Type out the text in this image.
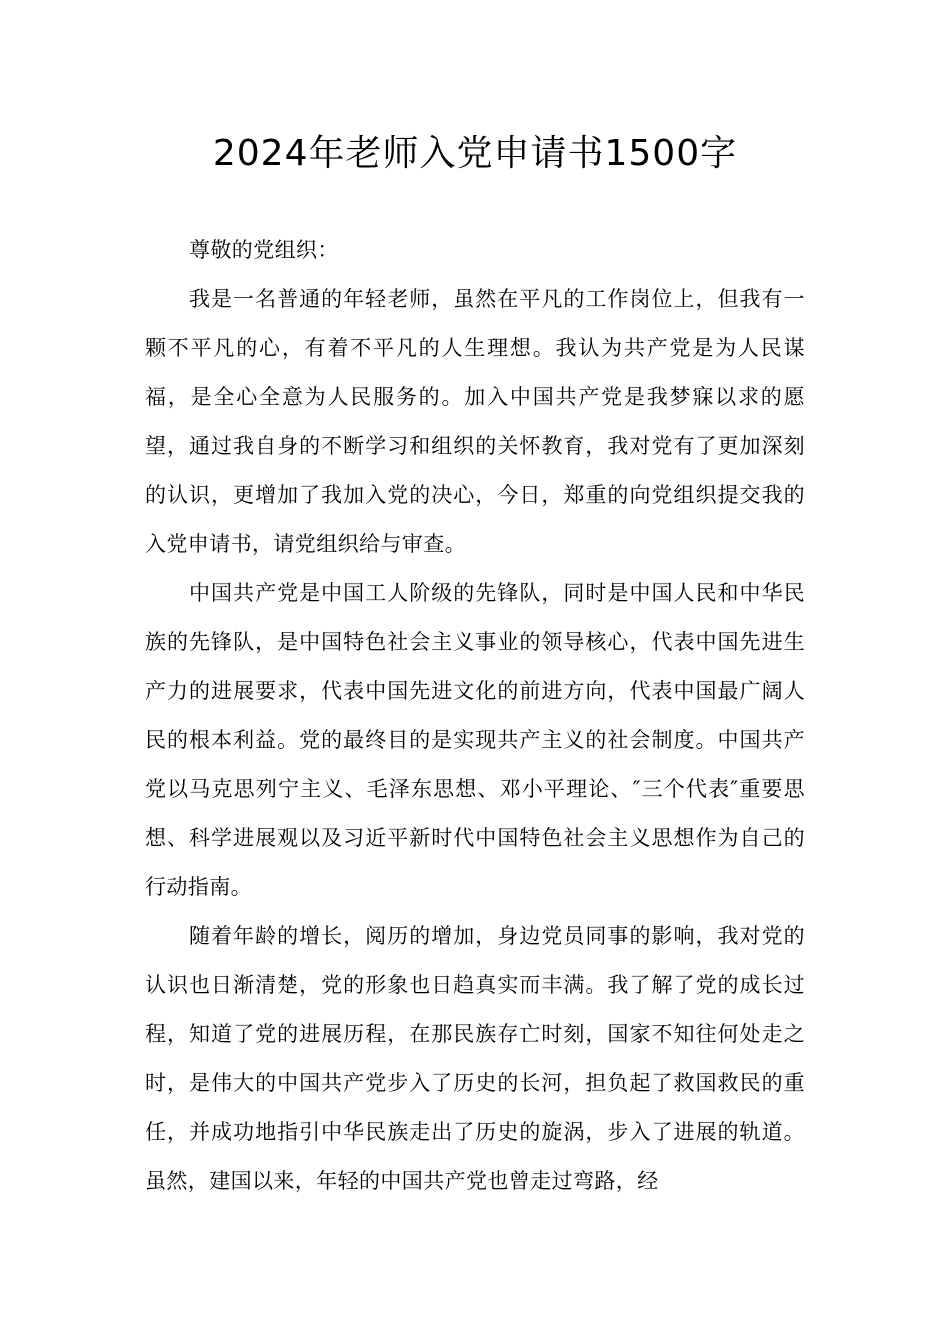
2024年老师入党申请书1500字

尊敬的党组织：

我是一名普通的年轻老师，虽然在平凡的工作岗位上，但我有一颗不平凡的心，有着不平凡的人生理想。我认为共产党是为人民谋福，是全心全意为人民服务的。加入中国共产党是我梦寐以求的愿望，通过我自身的不断学习和组织的关怀教育，我对党有了更加深刻的认识，更增加了我加入党的决心，今日，郑重的向党组织提交我的入党申请书，请党组织给与审查。

中国共产党是中国工人阶级的先锋队，同时是中国人民和中华民族的先锋队，是中国特色社会主义事业的领导核心，代表中国先进生产力的进展要求，代表中国先进文化的前进方向，代表中国最广阔人民的根本利益。党的最终目的是实现共产主义的社会制度。中国共产党以马克思列宁主义、毛泽东思想、邓小平理论、″三个代表″重要思想、科学进展观以及习近平新时代中国特色社会主义思想作为自己的行动指南。

随着年龄的增长，阅历的增加，身边党员同事的影响，我对党的认识也日渐清楚，党的形象也日趋真实而丰满。我了解了党的成长过程，知道了党的进展历程，在那民族存亡时刻，国家不知往何处走之时，是伟大的中国共产党步入了历史的长河，担负起了救国救民的重任，并成功地指引中华民族走出了历史的旋涡，步入了进展的轨道。虽然，建国以来，年轻的中国共产党也曾走过弯路，经
